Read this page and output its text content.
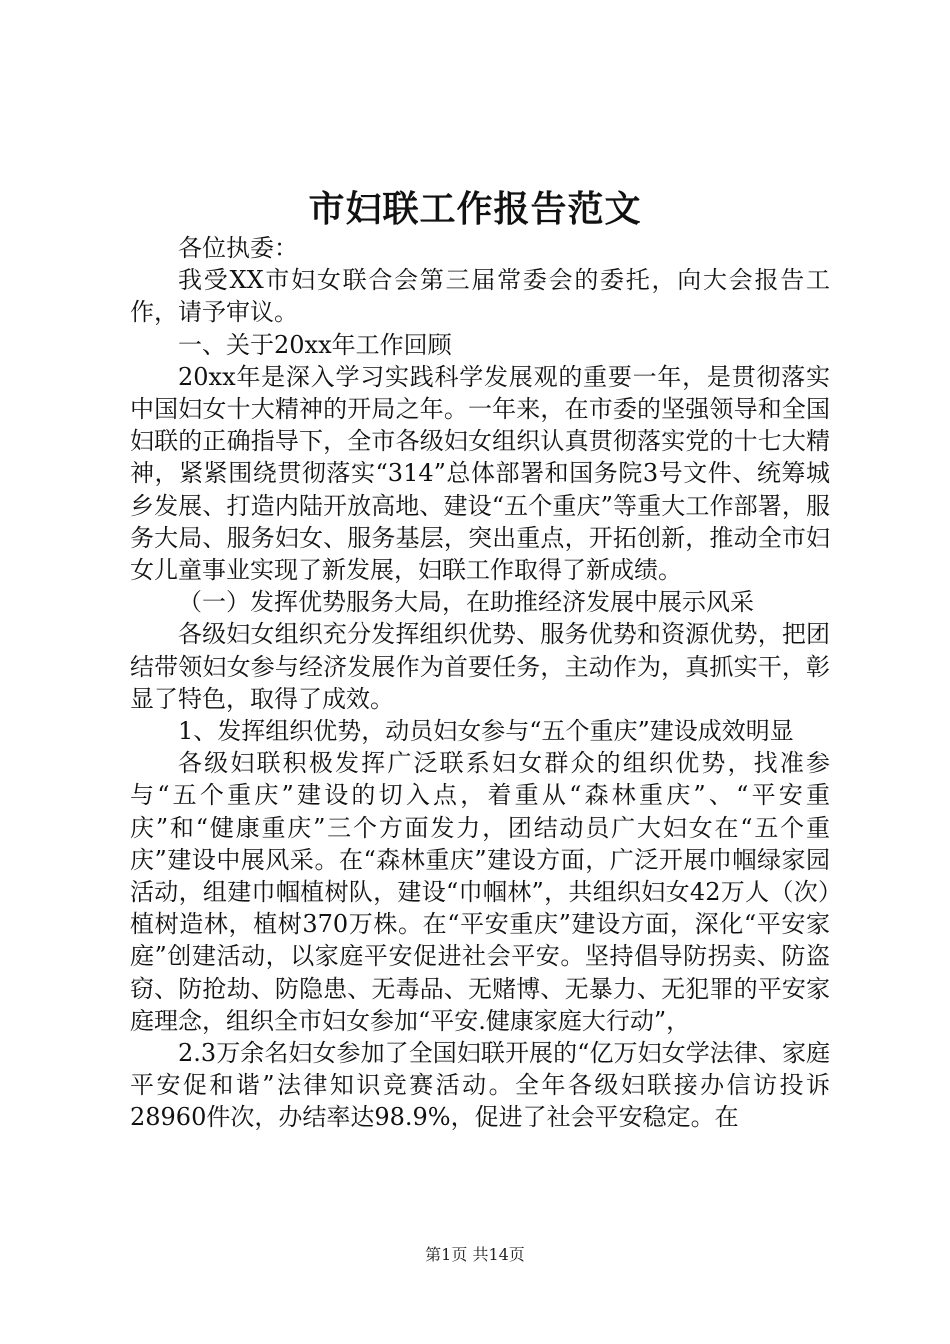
市妇联工作报告范文

各位执委：

我受XX市妇女联合会第三届常委会的委托，向大会报告工作，请予审议。

一、关于20xx年工作回顾

20xx年是深入学习实践科学发展观的重要一年，是贯彻落实中国妇女十大精神的开局之年。一年来，在市委的坚强领导和全国妇联的正确指导下，全市各级妇女组织认真贯彻落实党的十七大精神，紧紧围绕贯彻落实“314”总体部署和国务院3号文件、统筹城乡发展、打造内陆开放高地、建设“五个重庆”等重大工作部署，服务大局、服务妇女、服务基层，突出重点，开拓创新，推动全市妇女儿童事业实现了新发展，妇联工作取得了新成绩。

（一）发挥优势服务大局，在助推经济发展中展示风采

各级妇女组织充分发挥组织优势、服务优势和资源优势，把团结带领妇女参与经济发展作为首要任务，主动作为，真抓实干，彰显了特色，取得了成效。

1、发挥组织优势，动员妇女参与“五个重庆”建设成效明显

各级妇联积极发挥广泛联系妇女群众的组织优势，找准参与“五个重庆”建设的切入点，着重从“森林重庆”、“平安重庆”和“健康重庆”三个方面发力，团结动员广大妇女在“五个重庆”建设中展风采。在“森林重庆”建设方面，广泛开展巾帼绿家园活动，组建巾帼植树队，建设“巾帼林”，共组织妇女42万人（次）植树造林，植树370万株。在“平安重庆”建设方面，深化“平安家庭”创建活动，以家庭平安促进社会平安。坚持倡导防拐卖、防盗窃、防抢劫、防隐患、无毒品、无赌博、无暴力、无犯罪的平安家庭理念，组织全市妇女参加“平安.健康家庭大行动”，

2.3万余名妇女参加了全国妇联开展的“亿万妇女学法律、家庭平安促和谐”法律知识竞赛活动。全年各级妇联接办信访投诉28960件次，办结率达98.9%，促进了社会平安稳定。在

第1页 共14页
